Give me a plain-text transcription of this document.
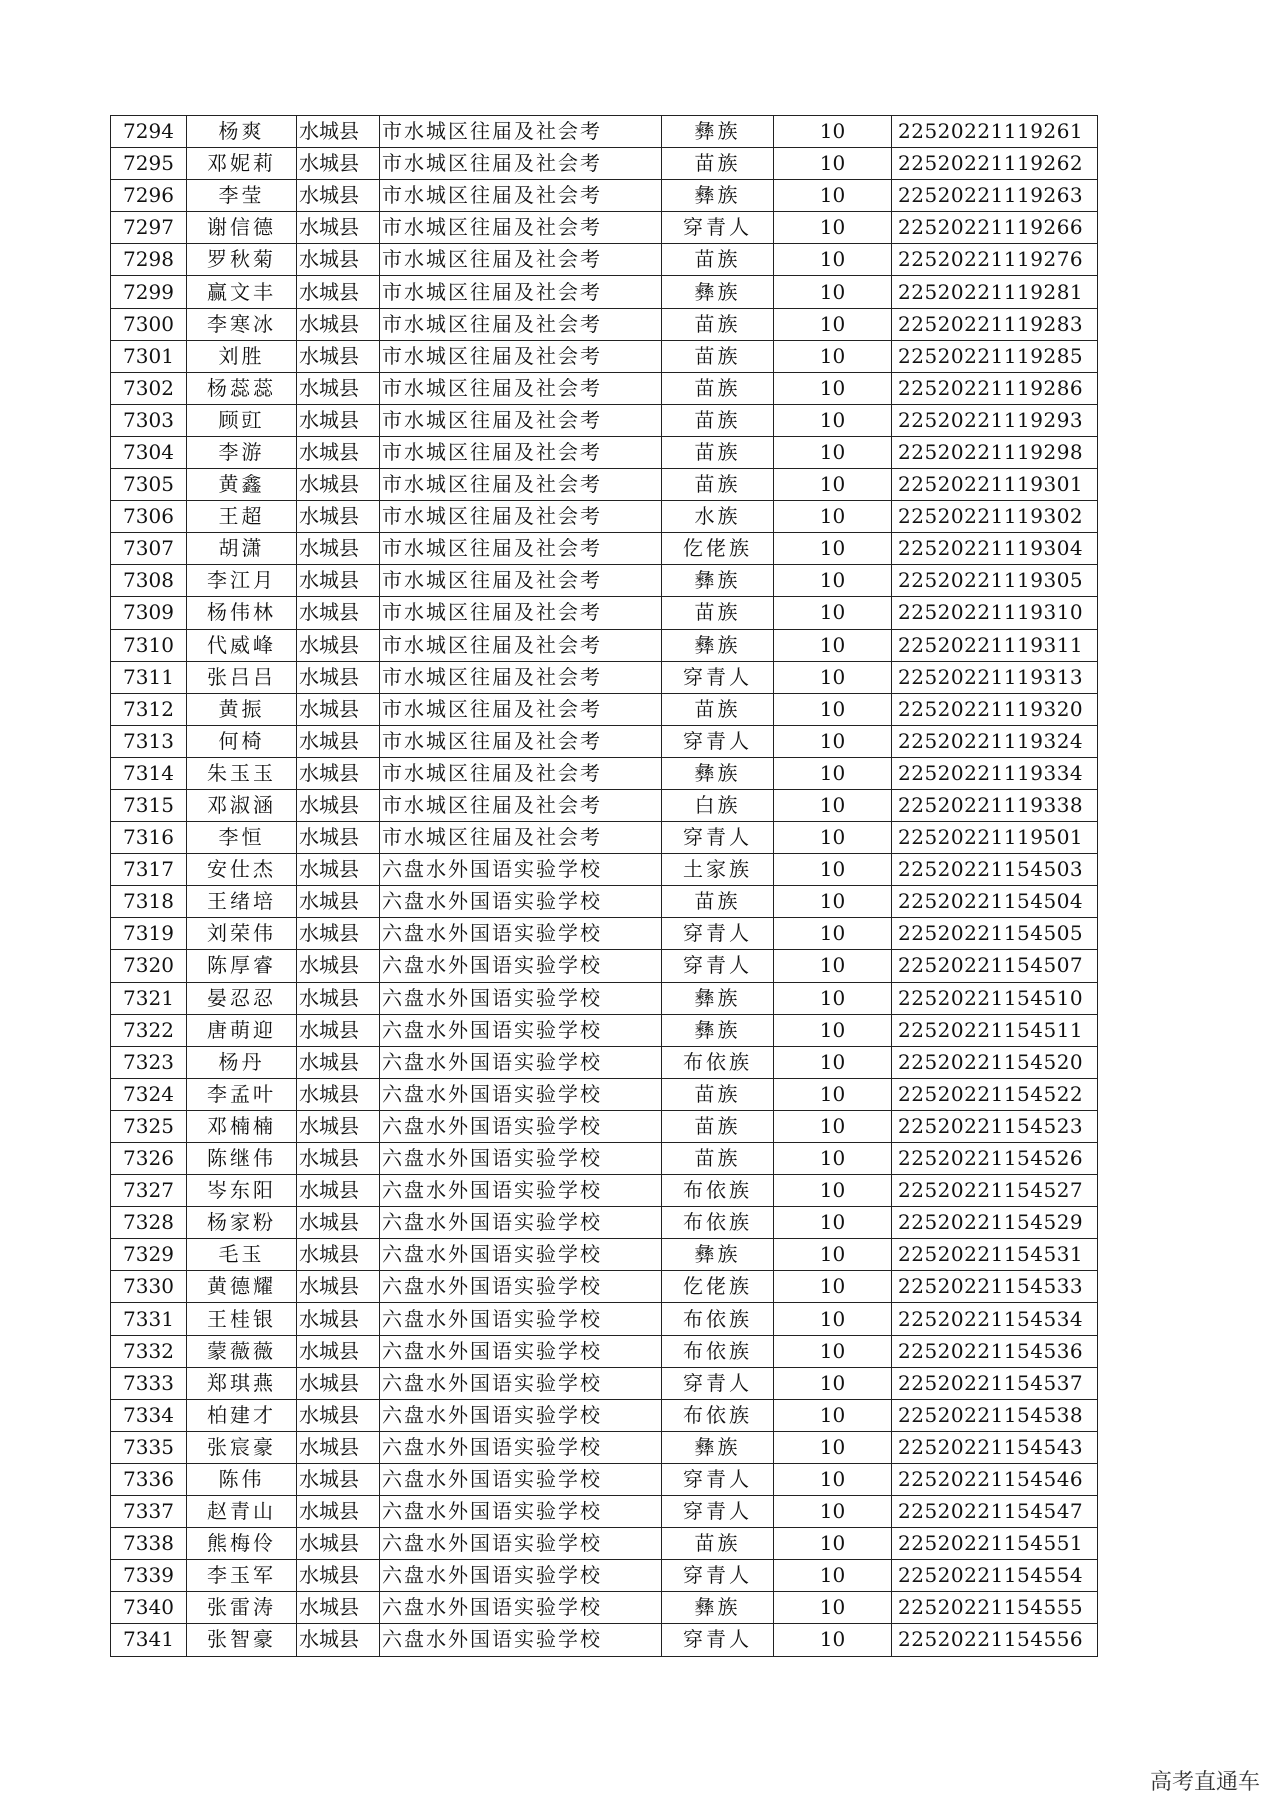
7294	杨爽	水城县	市水城区往届及社会考	彝族	10	22520221119261
7295	邓妮莉	水城县	市水城区往届及社会考	苗族	10	22520221119262
7296	李莹	水城县	市水城区往届及社会考	彝族	10	22520221119263
7297	谢信德	水城县	市水城区往届及社会考	穿青人	10	22520221119266
7298	罗秋菊	水城县	市水城区往届及社会考	苗族	10	22520221119276
7299	赢文丰	水城县	市水城区往届及社会考	彝族	10	22520221119281
7300	李寒冰	水城县	市水城区往届及社会考	苗族	10	22520221119283
7301	刘胜	水城县	市水城区往届及社会考	苗族	10	22520221119285
7302	杨蕊蕊	水城县	市水城区往届及社会考	苗族	10	22520221119286
7303	顾豇	水城县	市水城区往届及社会考	苗族	10	22520221119293
7304	李游	水城县	市水城区往届及社会考	苗族	10	22520221119298
7305	黄鑫	水城县	市水城区往届及社会考	苗族	10	22520221119301
7306	王超	水城县	市水城区往届及社会考	水族	10	22520221119302
7307	胡潇	水城县	市水城区往届及社会考	仡佬族	10	22520221119304
7308	李江月	水城县	市水城区往届及社会考	彝族	10	22520221119305
7309	杨伟林	水城县	市水城区往届及社会考	苗族	10	22520221119310
7310	代威峰	水城县	市水城区往届及社会考	彝族	10	22520221119311
7311	张吕吕	水城县	市水城区往届及社会考	穿青人	10	22520221119313
7312	黄振	水城县	市水城区往届及社会考	苗族	10	22520221119320
7313	何椅	水城县	市水城区往届及社会考	穿青人	10	22520221119324
7314	朱玉玉	水城县	市水城区往届及社会考	彝族	10	22520221119334
7315	邓淑涵	水城县	市水城区往届及社会考	白族	10	22520221119338
7316	李恒	水城县	市水城区往届及社会考	穿青人	10	22520221119501
7317	安仕杰	水城县	六盘水外国语实验学校	土家族	10	22520221154503
7318	王绪培	水城县	六盘水外国语实验学校	苗族	10	22520221154504
7319	刘荣伟	水城县	六盘水外国语实验学校	穿青人	10	22520221154505
7320	陈厚睿	水城县	六盘水外国语实验学校	穿青人	10	22520221154507
7321	晏忍忍	水城县	六盘水外国语实验学校	彝族	10	22520221154510
7322	唐萌迎	水城县	六盘水外国语实验学校	彝族	10	22520221154511
7323	杨丹	水城县	六盘水外国语实验学校	布依族	10	22520221154520
7324	李孟叶	水城县	六盘水外国语实验学校	苗族	10	22520221154522
7325	邓楠楠	水城县	六盘水外国语实验学校	苗族	10	22520221154523
7326	陈继伟	水城县	六盘水外国语实验学校	苗族	10	22520221154526
7327	岑东阳	水城县	六盘水外国语实验学校	布依族	10	22520221154527
7328	杨家粉	水城县	六盘水外国语实验学校	布依族	10	22520221154529
7329	毛玉	水城县	六盘水外国语实验学校	彝族	10	22520221154531
7330	黄德耀	水城县	六盘水外国语实验学校	仡佬族	10	22520221154533
7331	王桂银	水城县	六盘水外国语实验学校	布依族	10	22520221154534
7332	蒙薇薇	水城县	六盘水外国语实验学校	布依族	10	22520221154536
7333	郑琪燕	水城县	六盘水外国语实验学校	穿青人	10	22520221154537
7334	柏建才	水城县	六盘水外国语实验学校	布依族	10	22520221154538
7335	张宸豪	水城县	六盘水外国语实验学校	彝族	10	22520221154543
7336	陈伟	水城县	六盘水外国语实验学校	穿青人	10	22520221154546
7337	赵青山	水城县	六盘水外国语实验学校	穿青人	10	22520221154547
7338	熊梅伶	水城县	六盘水外国语实验学校	苗族	10	22520221154551
7339	李玉军	水城县	六盘水外国语实验学校	穿青人	10	22520221154554
7340	张雷涛	水城县	六盘水外国语实验学校	彝族	10	22520221154555
7341	张智豪	水城县	六盘水外国语实验学校	穿青人	10	22520221154556
高考直通车
